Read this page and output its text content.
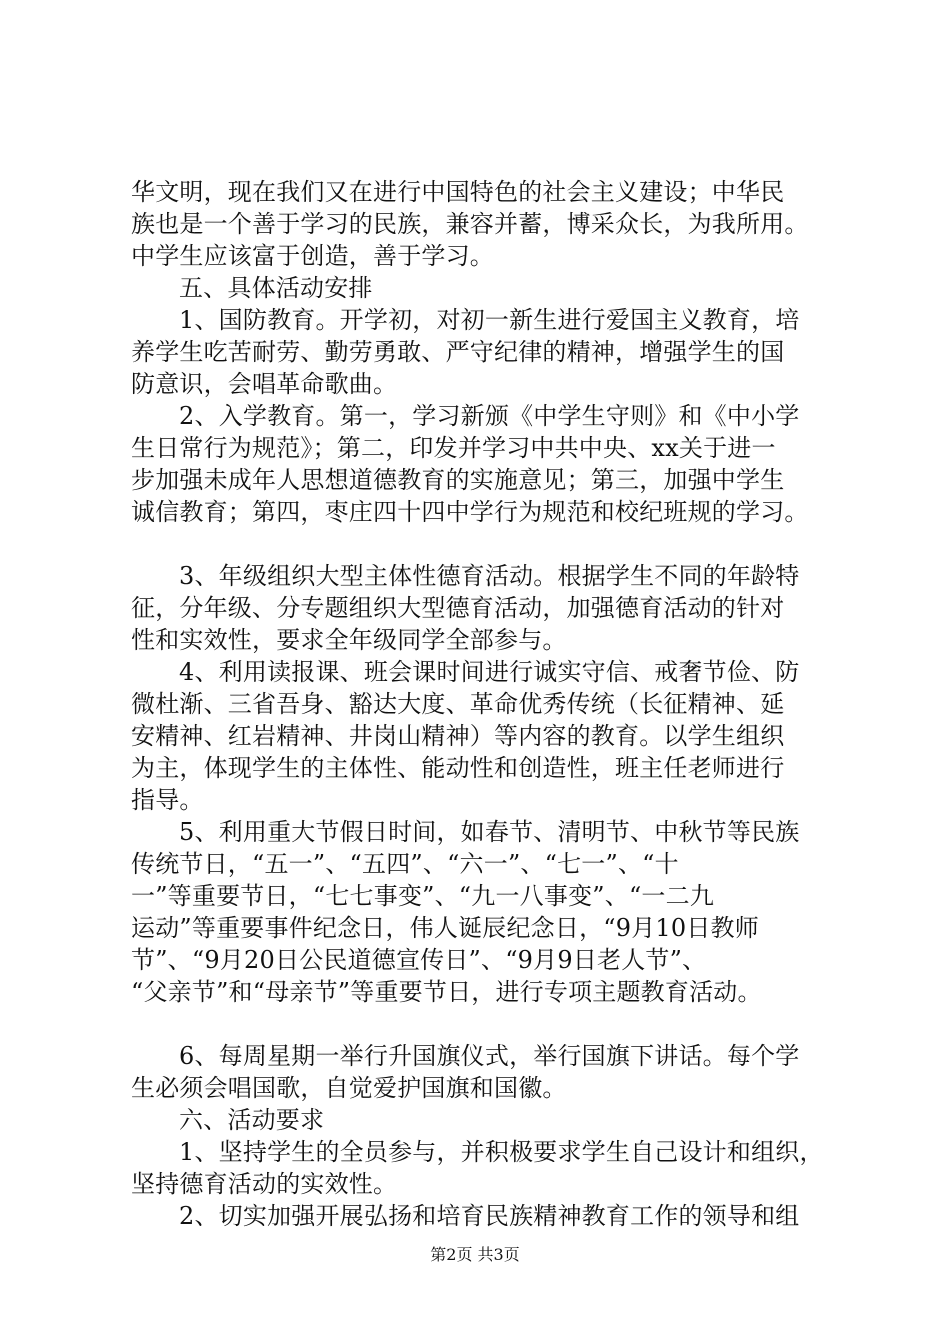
华文明，现在我们又在进行中国特色的社会主义建设；中华民
族也是一个善于学习的民族，兼容并蓄，博采众长，为我所用。
中学生应该富于创造，善于学习。
五、具体活动安排
1、国防教育。开学初，对初一新生进行爱国主义教育，培
养学生吃苦耐劳、勤劳勇敢、严守纪律的精神，增强学生的国
防意识，会唱革命歌曲。
2、入学教育。第一，学习新颁《中学生守则》和《中小学
生日常行为规范》；第二，印发并学习中共中央、xx关于进一
步加强未成年人思想道德教育的实施意见；第三，加强中学生
诚信教育；第四，枣庄四十四中学行为规范和校纪班规的学习。
3、年级组织大型主体性德育活动。根据学生不同的年龄特
征，分年级、分专题组织大型德育活动，加强德育活动的针对
性和实效性，要求全年级同学全部参与。
4、利用读报课、班会课时间进行诚实守信、戒奢节俭、防
微杜渐、三省吾身、豁达大度、革命优秀传统（长征精神、延
安精神、红岩精神、井岗山精神）等内容的教育。以学生组织
为主，体现学生的主体性、能动性和创造性，班主任老师进行
指导。
5、利用重大节假日时间，如春节、清明节、中秋节等民族
传统节日，“五一”、“五四”、“六一”、“七一”、“十
一”等重要节日，“七七事变”、“九一八事变”、“一二九
运动”等重要事件纪念日，伟人诞辰纪念日，“9月10日教师
节”、“9月20日公民道德宣传日”、“9月9日老人节”、
“父亲节”和“母亲节”等重要节日，进行专项主题教育活动。
6、每周星期一举行升国旗仪式，举行国旗下讲话。每个学
生必须会唱国歌，自觉爱护国旗和国徽。
六、活动要求
1、坚持学生的全员参与，并积极要求学生自己设计和组织，
坚持德育活动的实效性。
2、切实加强开展弘扬和培育民族精神教育工作的领导和组
第2页 共3页
